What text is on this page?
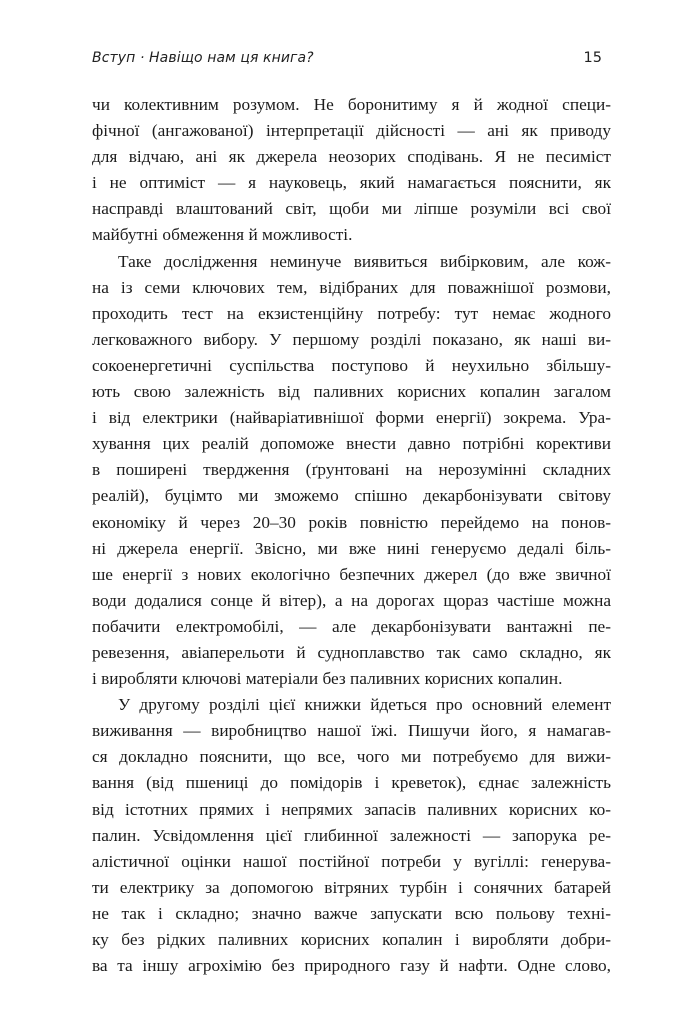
Вступ · Навіщо нам ця книга?	15
чи колективним розумом. Не боронитиму я й жодної специ-
фічної (ангажованої) інтерпретації дійсності — ані як приводу
для відчаю, ані як джерела неозорих сподівань. Я не песиміст
і не оптиміст — я науковець, який намагається пояснити, як
насправді влаштований світ, щоби ми ліпше розуміли всі свої
майбутні обмеження й можливості.
Таке дослідження неминуче виявиться вибірковим, але кож-
на із семи ключових тем, відібраних для поважнішої розмови,
проходить тест на екзистенційну потребу: тут немає жодного
легковажного вибору. У першому розділі показано, як наші ви-
сокоенергетичні суспільства поступово й неухильно збільшу-
ють свою залежність від паливних корисних копалин загалом
і від електрики (найваріативнішої форми енергії) зокрема. Ура-
хування цих реалій допоможе внести давно потрібні корективи
в поширені твердження (ґрунтовані на нерозумінні складних
реалій), буцімто ми зможемо спішно декарбонізувати світову
економіку й через 20–30 років повністю перейдемо на понов-
ні джерела енергії. Звісно, ми вже нині генеруємо дедалі біль-
ше енергії з нових екологічно безпечних джерел (до вже звичної
води додалися сонце й вітер), а на дорогах щораз частіше можна
побачити електромобілі, — але декарбонізувати вантажні пе-
ревезення, авіаперельоти й судноплавство так само складно, як
і виробляти ключові матеріали без паливних корисних копалин.
У другому розділі цієї книжки йдеться про основний елемент
виживання — виробництво нашої їжі. Пишучи його, я намагав-
ся докладно пояснити, що все, чого ми потребуємо для вижи-
вання (від пшениці до помідорів і креветок), єднає залежність
від істотних прямих і непрямих запасів паливних корисних ко-
палин. Усвідомлення цієї глибинної залежності — запорука ре-
алістичної оцінки нашої постійної потреби у вугіллі: генерува-
ти електрику за допомогою вітряних турбін і сонячних батарей
не так і складно; значно важче запускати всю польову техні-
ку без рідких паливних корисних копалин і виробляти добри-
ва та іншу агрохімію без природного газу й нафти. Одне слово,
